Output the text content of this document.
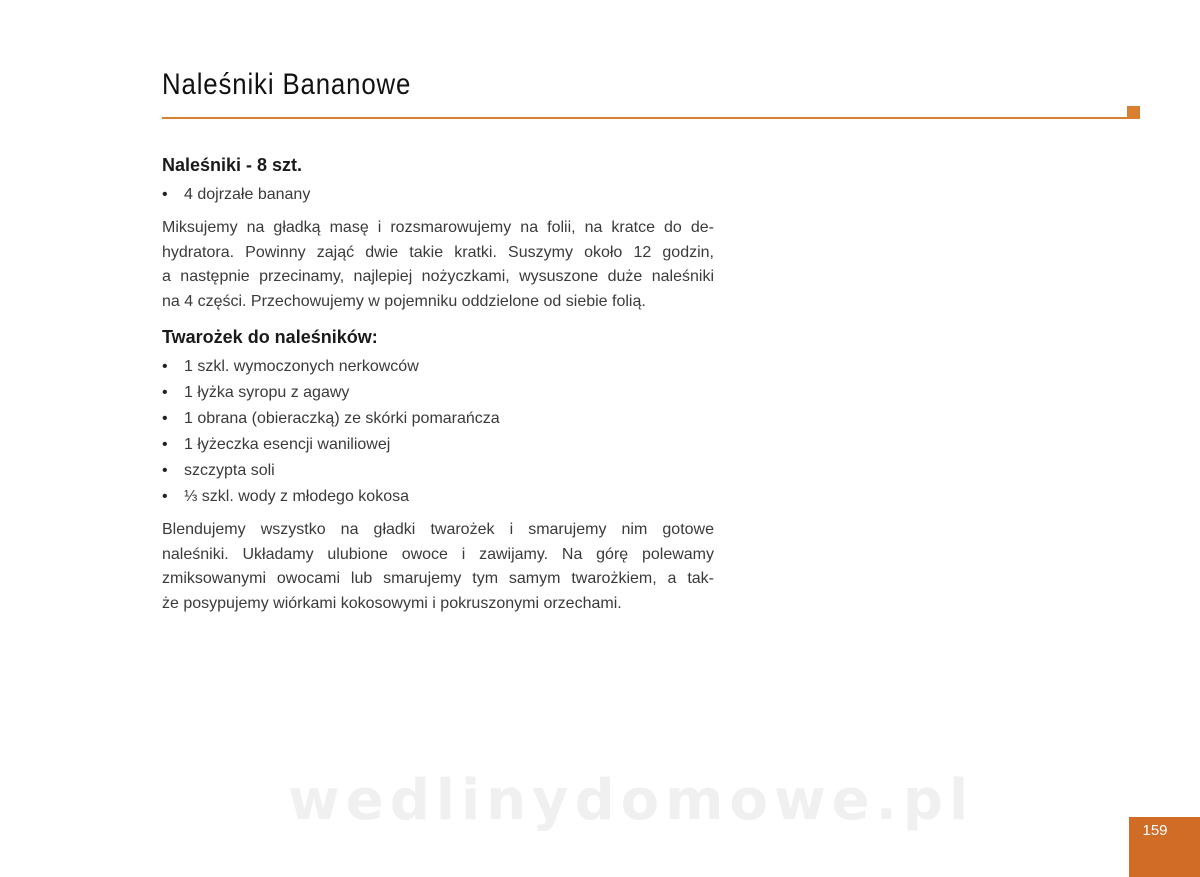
Naleśniki Bananowe
Naleśniki - 8 szt.
• 4 dojrzałe banany

Miksujemy na gładką masę i rozsmarowujemy na folii, na kratce do de-
hydratora. Powinny zająć dwie takie kratki. Suszymy około 12 godzin,
a następnie przecinamy, najlepiej nożyczkami, wysuszone duże naleśniki
na 4 części. Przechowujemy w pojemniku oddzielone od siebie folią.

Twarożek do naleśników:
• 1 szkl. wymoczonych nerkowców
• 1 łyżka syropu z agawy
• 1 obrana (obieraczką) ze skórki pomarańcza
• 1 łyżeczka esencji waniliowej
• szczypta soli
• ⅓ szkl. wody z młodego kokosa

Blendujemy wszystko na gładki twarożek i smarujemy nim gotowe
naleśniki. Układamy ulubione owoce i zawijamy. Na górę polewamy
zmiksowanymi owocami lub smarujemy tym samym twarożkiem, a tak-
że posypujemy wiórkami kokosowymi i pokruszonymi orzechami.

wedlinydomowe.pl	159
